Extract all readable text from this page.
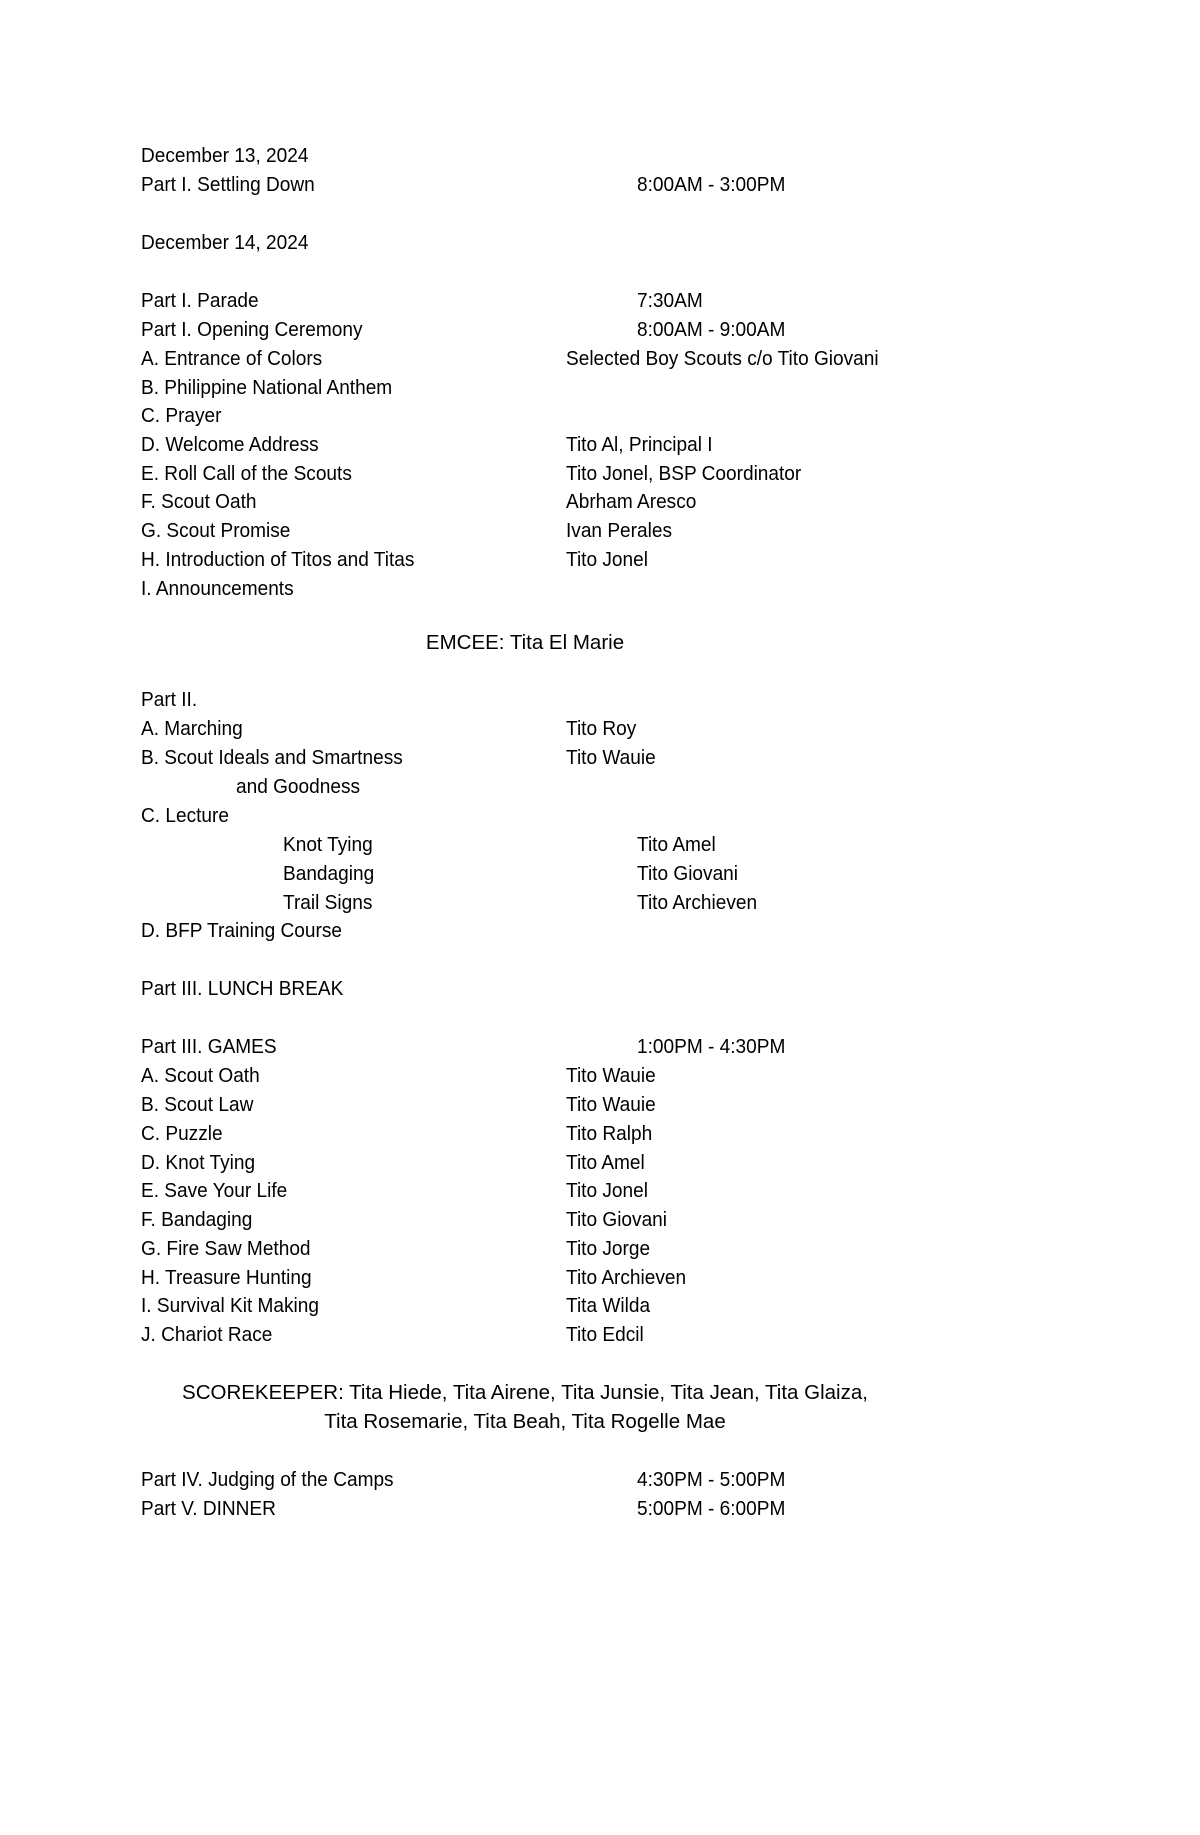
December 13, 2024
Part I. Settling Down	8:00AM - 3:00PM
December 14, 2024
Part I. Parade	7:30AM
Part I. Opening Ceremony	8:00AM - 9:00AM
A. Entrance of Colors	Selected Boy Scouts c/o Tito Giovani
B. Philippine National Anthem
C. Prayer
D. Welcome Address	Tito Al, Principal I
E. Roll Call of the Scouts	Tito Jonel, BSP Coordinator
F. Scout Oath	Abrham Aresco
G. Scout Promise	Ivan Perales
H. Introduction of Titos and Titas	Tito Jonel
I. Announcements
EMCEE: Tita El Marie
Part II.
A. Marching	Tito Roy
B. Scout Ideals and Smartness	Tito Wauie
and Goodness
C. Lecture
Knot Tying	Tito Amel
Bandaging	Tito Giovani
Trail Signs	Tito Archieven
D. BFP Training Course
Part III. LUNCH BREAK
Part III. GAMES	1:00PM - 4:30PM
A. Scout Oath	Tito Wauie
B. Scout Law	Tito Wauie
C. Puzzle	Tito Ralph
D. Knot Tying	Tito Amel
E. Save Your Life	Tito Jonel
F. Bandaging	Tito Giovani
G. Fire Saw Method	Tito Jorge
H. Treasure Hunting	Tito Archieven
I. Survival Kit Making	Tita Wilda
J. Chariot Race	Tito Edcil
SCOREKEEPER: Tita Hiede, Tita Airene, Tita Junsie, Tita Jean, Tita Glaiza,
Tita Rosemarie, Tita Beah, Tita Rogelle Mae
Part IV. Judging of the Camps	4:30PM - 5:00PM
Part V. DINNER	5:00PM - 6:00PM
